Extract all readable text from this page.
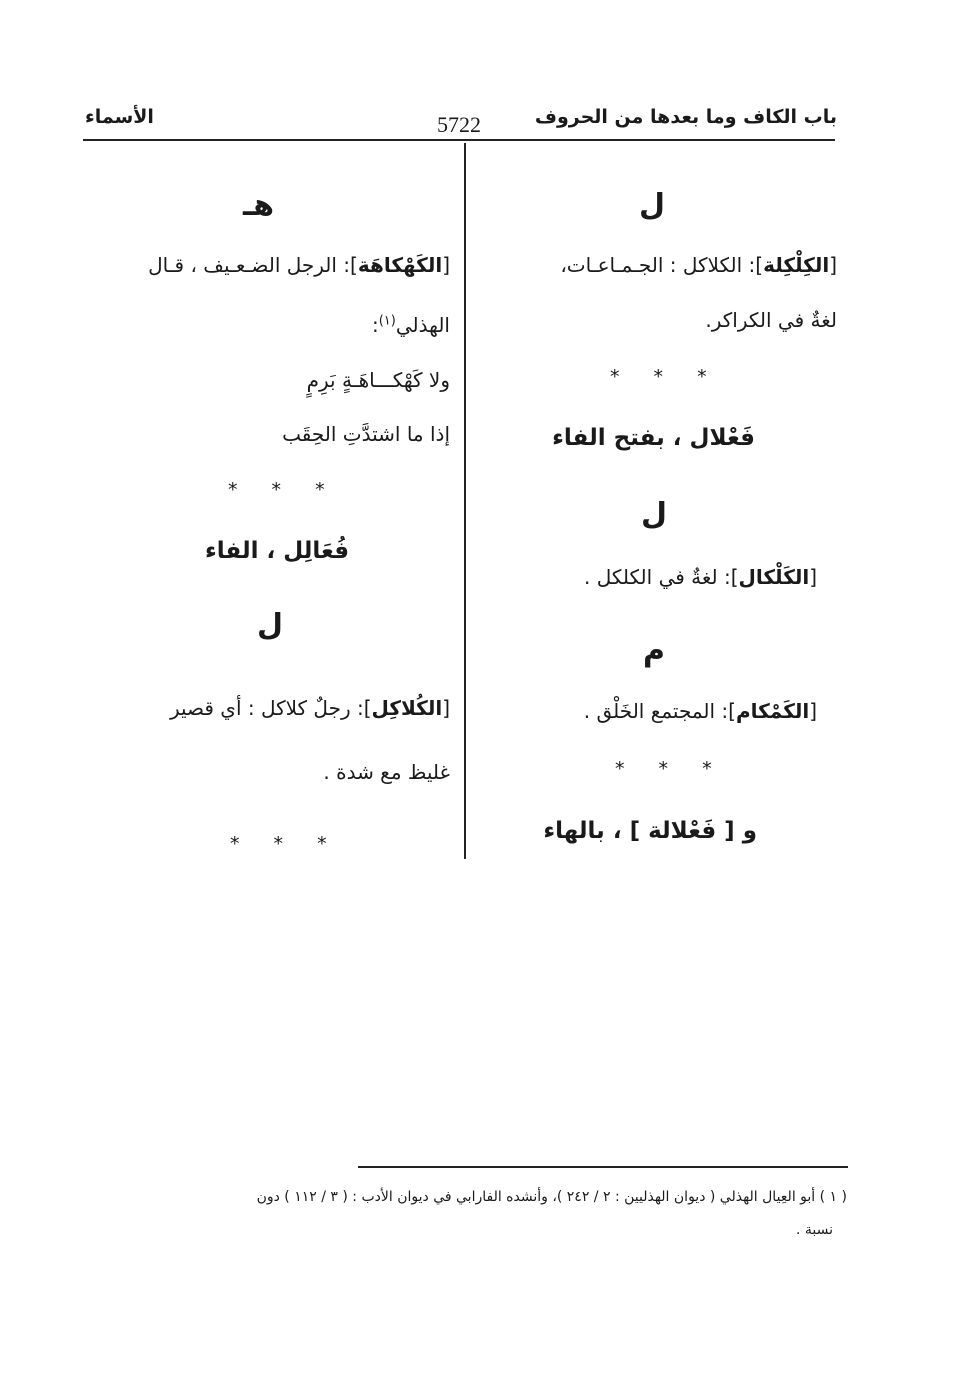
باب الكاف وما بعدها من الحروف
5722
الأسماء
ل
[الكِلْكِلة]: الكلاكل : الجـمـاعـات،
لغةٌ في الكراكر.
* * *
فَعْلال ، بفتح الفاء
ل
[الكَلْكال]: لغةٌ في الكلكل .
م
[الكَمْكام]: المجتمع الخَلْق .
* * *
و [ فَعْلالة ] ، بالهاء
هـ
[الكَهْكاهَة]: الرجل الضـعـيف ، قـال
الهذلي$^{(١)}$:
ولا كَهْكـــاهَـةٍ بَرِمٍ
إذا ما اشتدَّتِ الحِقَب
* * *
فُعَالِل ، الفاء
ل
[الكُلاكِل]: رجلٌ كلاكل : أي قصير
غليظ مع شدة .
* * *
( ١ ) أبو العِيال الهذلي ( ديوان الهذليين : ٢ / ٢٤٢ )، وأنشده الفارابي في ديوان الأدب : ( ٣ / ١١٢ ) دون
نسبة .
